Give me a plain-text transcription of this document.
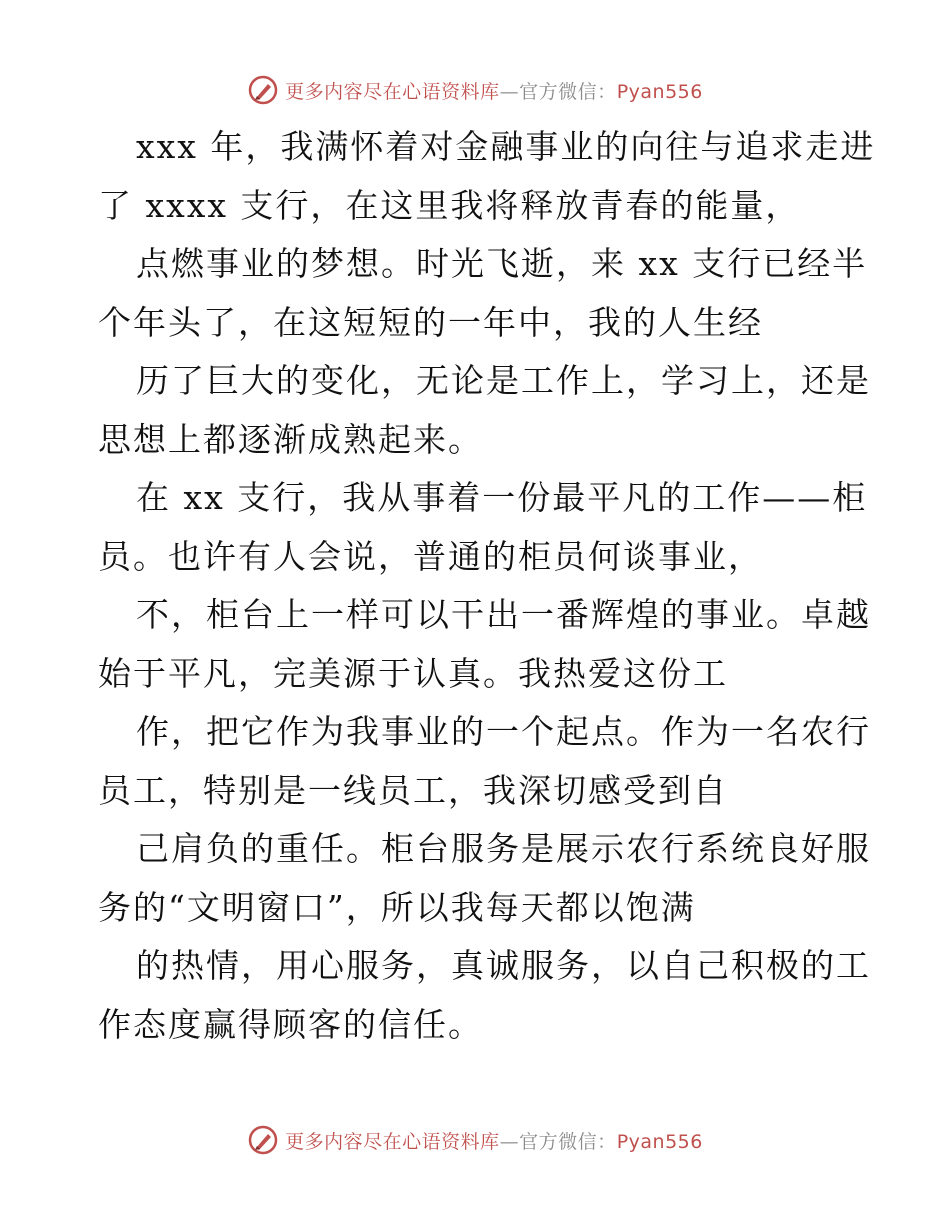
更多内容尽在心语资料库—官方微信：Pyan556
xxx 年，我满怀着对金融事业的向往与追求走进
了 xxxx 支行，在这里我将释放青春的能量，
点燃事业的梦想。时光飞逝，来 xx 支行已经半
个年头了，在这短短的一年中，我的人生经
历了巨大的变化，无论是工作上，学习上，还是
思想上都逐渐成熟起来。
在 xx 支行，我从事着一份最平凡的工作——柜
员。也许有人会说，普通的柜员何谈事业，
不，柜台上一样可以干出一番辉煌的事业。卓越
始于平凡，完美源于认真。我热爱这份工
作，把它作为我事业的一个起点。作为一名农行
员工，特别是一线员工，我深切感受到自
己肩负的重任。柜台服务是展示农行系统良好服
务的“文明窗口”，所以我每天都以饱满
的热情，用心服务，真诚服务，以自己积极的工
作态度赢得顾客的信任。
更多内容尽在心语资料库—官方微信：Pyan556
